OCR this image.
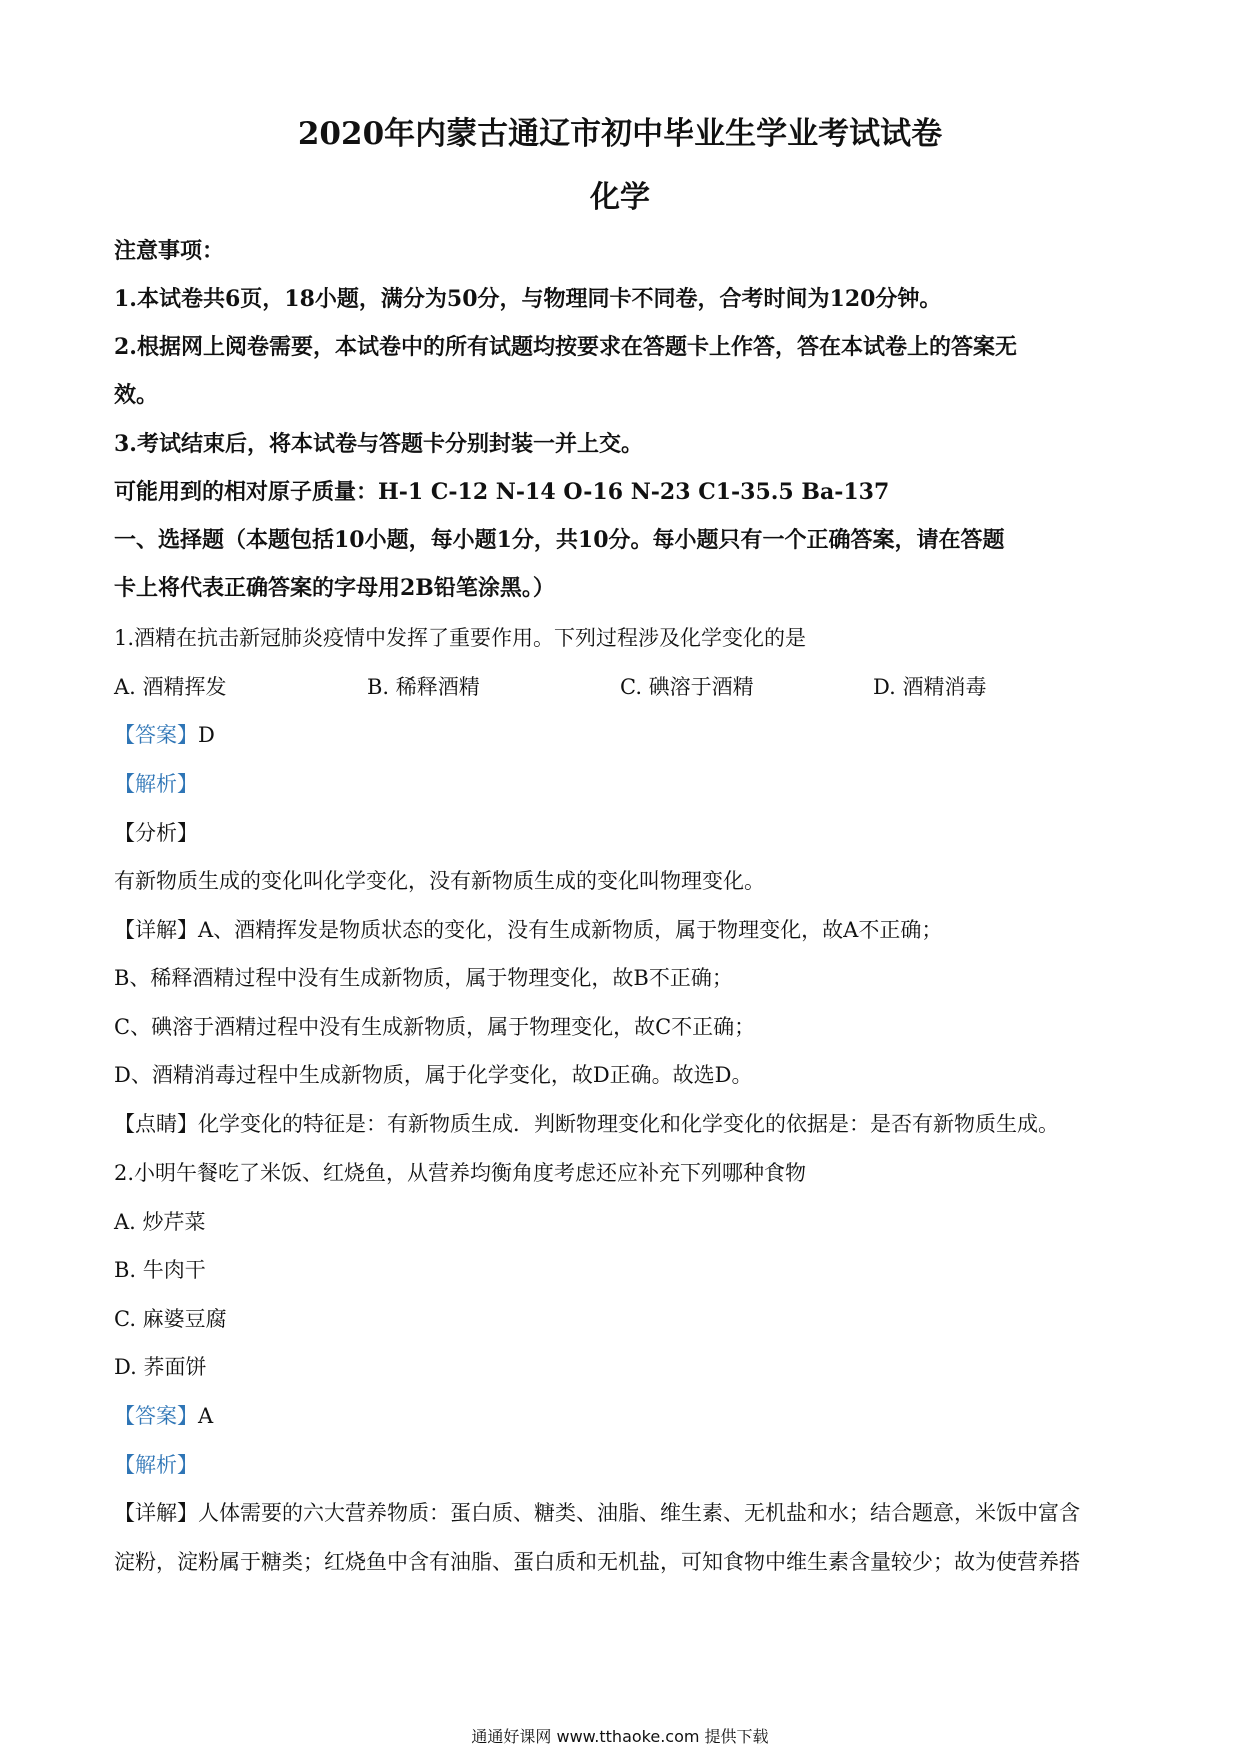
2020年内蒙古通辽市初中毕业生学业考试试卷
化学
注意事项：
1.本试卷共6页，18小题，满分为50分，与物理同卡不同卷，合考时间为120分钟。
2.根据网上阅卷需要，本试卷中的所有试题均按要求在答题卡上作答，答在本试卷上的答案无
效。
3.考试结束后，将本试卷与答题卡分别封装一并上交。
可能用到的相对原子质量：H-1 C-12 N-14 O-16 N-23 C1-35.5 Ba-137
一、选择题（本题包括10小题，每小题1分，共10分。每小题只有一个正确答案，请在答题
卡上将代表正确答案的字母用2B铅笔涂黑。）
1.酒精在抗击新冠肺炎疫情中发挥了重要作用。下列过程涉及化学变化的是
A. 酒精挥发	B. 稀释酒精	C. 碘溶于酒精	D. 酒精消毒
【答案】D
【解析】
【分析】
有新物质生成的变化叫化学变化，没有新物质生成的变化叫物理变化。
【详解】A、酒精挥发是物质状态的变化，没有生成新物质，属于物理变化，故A不正确；
B、稀释酒精过程中没有生成新物质，属于物理变化，故B不正确；
C、碘溶于酒精过程中没有生成新物质，属于物理变化，故C不正确；
D、酒精消毒过程中生成新物质，属于化学变化，故D正确。故选D。
【点睛】化学变化的特征是：有新物质生成．判断物理变化和化学变化的依据是：是否有新物质生成。
2.小明午餐吃了米饭、红烧鱼，从营养均衡角度考虑还应补充下列哪种食物
A. 炒芹菜
B. 牛肉干
C. 麻婆豆腐
D. 荞面饼
【答案】A
【解析】
【详解】人体需要的六大营养物质：蛋白质、糖类、油脂、维生素、无机盐和水；结合题意，米饭中富含
淀粉，淀粉属于糖类；红烧鱼中含有油脂、蛋白质和无机盐，可知食物中维生素含量较少；故为使营养搭
通通好课网 www.tthaoke.com 提供下载
